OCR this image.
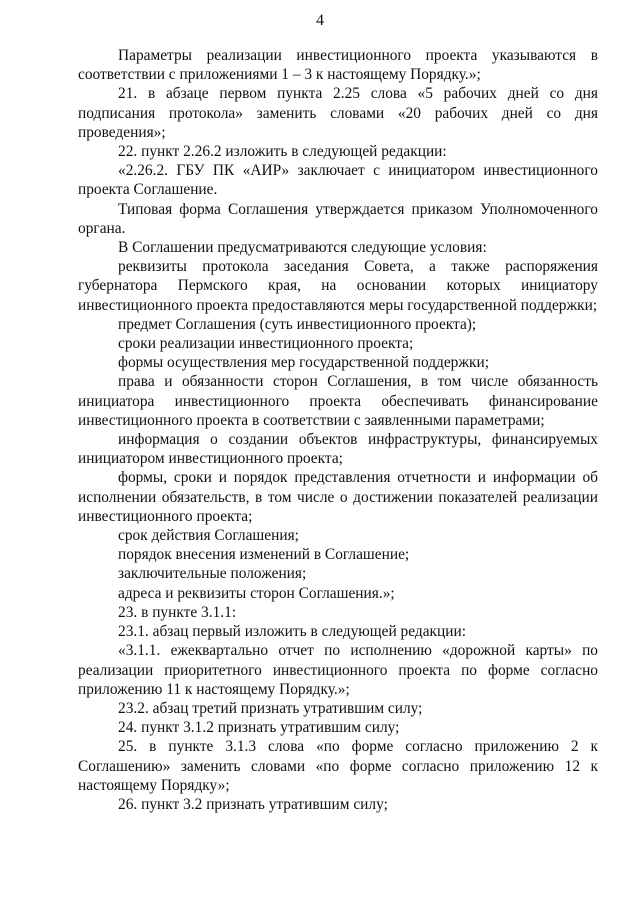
4

Параметры реализации инвестиционного проекта указываются в соответствии с приложениями 1 – 3 к настоящему Порядку.»;

21. в абзаце первом пункта 2.25 слова «5 рабочих дней со дня подписания протокола» заменить словами «20 рабочих дней со дня проведения»;

22. пункт 2.26.2 изложить в следующей редакции:

«2.26.2. ГБУ ПК «АИР» заключает с инициатором инвестиционного проекта Соглашение.

Типовая форма Соглашения утверждается приказом Уполномоченного органа.

В Соглашении предусматриваются следующие условия:

реквизиты протокола заседания Совета, а также распоряжения губернатора Пермского края, на основании которых инициатору инвестиционного проекта предоставляются меры государственной поддержки;

предмет Соглашения (суть инвестиционного проекта);

сроки реализации инвестиционного проекта;

формы осуществления мер государственной поддержки;

права и обязанности сторон Соглашения, в том числе обязанность инициатора инвестиционного проекта обеспечивать финансирование инвестиционного проекта в соответствии с заявленными параметрами;

информация о создании объектов инфраструктуры, финансируемых инициатором инвестиционного проекта;

формы, сроки и порядок представления отчетности и информации об исполнении обязательств, в том числе о достижении показателей реализации инвестиционного проекта;

срок действия Соглашения;

порядок внесения изменений в Соглашение;

заключительные положения;

адреса и реквизиты сторон Соглашения.»;

23. в пункте 3.1.1:

23.1. абзац первый изложить в следующей редакции:

«3.1.1. ежеквартально отчет по исполнению «дорожной карты» по реализации приоритетного инвестиционного проекта по форме согласно приложению 11 к настоящему Порядку.»;

23.2. абзац третий признать утратившим силу;

24. пункт 3.1.2 признать утратившим силу;

25. в пункте 3.1.3 слова «по форме согласно приложению 2 к Соглашению» заменить словами «по форме согласно приложению 12 к настоящему Порядку»;

26. пункт 3.2 признать утратившим силу;
